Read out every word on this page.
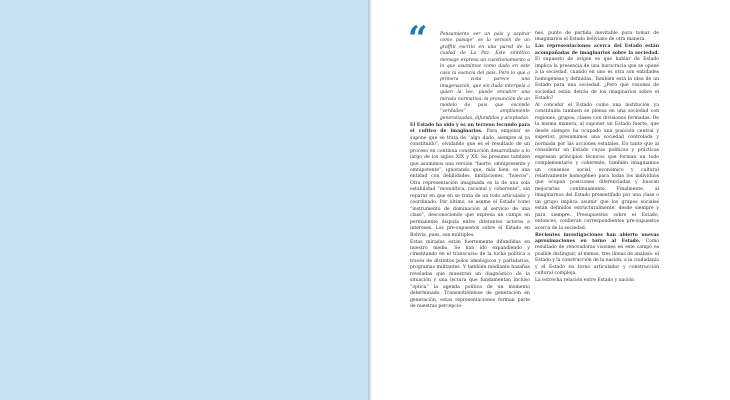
“	Pensamiento ser un país y aspirar como paisaje” es la versión de un graffiti escrito en una pared de la ciudad de La Paz. Este sintético mensaje expresa un cuestionamiento a lo que asumimos como dado en este caso la esencia del país. Pero lo que a primera vista parece una imagenación, que sin duda interpela a quien la lee, puede encubrir una mirada normativa: la presunción de un modelo de país que esconde “verdades” ampliamente generalizadas, difundidas y aceptadas.

El Estado ha sido y es un terreno fecundo para el cultivo de imaginarios. Para empezar se supone que se trata de “algo dado, siempre al ya constituido”, olvidando que es el resultado de un proceso en continua construcción desarrollado a lo largo de los siglos XIX y XX. Se presume también que asumimos una versión “fuerte, omnipresente y omnipotente”, ignorando que, más bien, es una entidad con debilidades, limitaciones, “huecos”. Otra representación imaginada es la de una sola estabilidad “monolítica, racional y coherente”, sin reparar en que en se trata de un todo articulado y coordinado. Por último, se asume el Estado como “instrumento de dominación al servicio de una clase”, desconociendo que expresa un campo en permanente disputa entre diferentes actores e intereses. Los pre-supuestos sobre el Estado en Bolivia, pues, son múltiples.

Estas miradas están fuertemente difundidas en nuestro medio. Se han ido expandiendo y cimentando en el transcurso de la lucha política a través de distintos polos ideológicos y partidarios, programas militantes. Y también mediante hazañas reveladas que muestran un diagnóstico de la situación y una lectura que fundamentan incluso “óptica” la agenda política de un momento determinado. Transmitiéndose de generación en generación, estas representaciones forman parte de nuestras percepcio-

nes, punto de partida inevitable para tomar de imaginarios el Estado boliviano de otra manera.

Las representaciones acerca del Estado están acompañadas de imaginarios sobre la sociedad. El supuesto de origen es que hablar de Estado implica la presencia de una burocracia que se opone a la sociedad, cuando en uno es otra son entidades homogéneas y definidas. También está la idea de un Estado para una sociedad. ¿Pero qué visiones de sociedad están detrás de los imaginarios sobre el Estado?

Al concebir el Estado como una institución ya constituida también se piensa en una sociedad con regiones, grupos, clases con divisiones formadas. De la misma manera, al suponer un Estado fuerte, que desde siempre ha ocupado una posición central y superior, presumimos una sociedad controlada y normada por las acciones estatales. En tanto que al considerar un Estado cuyas políticas y prácticas expresan principios técnicos que forman un todo complementario y coherente, también imaginamos un consenso social, económico y cultural relativamente homogéneo para todas los individuos que ocupan posiciones diferenciadas y buscan mejorarlas continuamente. Finalmente, al imaginarnos del Estado presentifado por una clase o un grupo implica asumir que los grupos sociales están definidos estructuralmente, desde siempre y para siempre. Presupuestos sobre el Estado, entonces, conllevan correspondientes pre-supuestos acerca de la sociedad.

Recientes investigaciones han abierto nuevas aproximaciones en torno al Estado. Como resultado de renovadoras visiones en este campo es posible distinguir, al menos, tres líneas de análisis: el Estado y la construcción de la nación, a la ciudadanía y el Estado en torno articulador y construcción cultural compleja.

La estrecha relación entre Estado y nación
